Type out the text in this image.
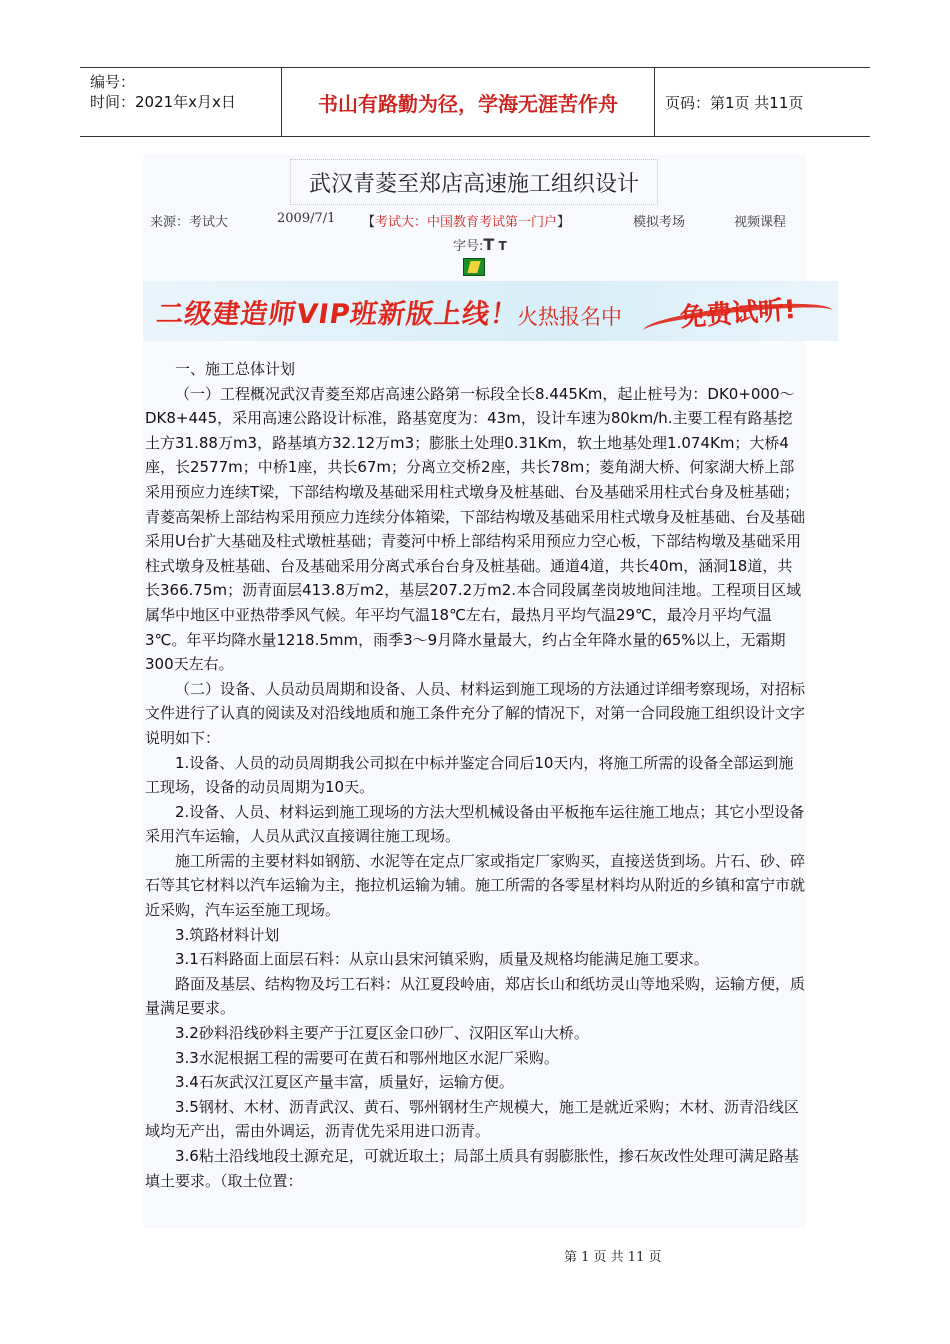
编号：
时间：2021年x月x日	书山有路勤为径，学海无涯苦作舟	页码：第1页 共11页
武汉青菱至郑店高速施工组织设计
来源：考试大	2009/7/1 【考试大：中国教育考试第一门户】	模拟考场	视频课程
字号:T T
二级建造师VIP班新版上线！
火热报名中	免费试听!

一、施工总体计划

（一）工程概况武汉青菱至郑店高速公路第一标段全长8.445Km，起止桩号为：DK0+000～DK8+445，采用高速公路设计标准，路基宽度为：43m，设计车速为80km/h.主要工程有路基挖土方31.88万m3，路基填方32.12万m3；膨胀土处理0.31Km，软土地基处理1.074Km；大桥4座，长2577m；中桥1座，共长67m；分离立交桥2座，共长78m；菱角湖大桥、何家湖大桥上部采用预应力连续T梁，下部结构墩及基础采用柱式墩身及桩基础、台及基础采用柱式台身及桩基础；青菱高架桥上部结构采用预应力连续分体箱梁，下部结构墩及基础采用柱式墩身及桩基础、台及基础采用U台扩大基础及柱式墩桩基础；青菱河中桥上部结构采用预应力空心板，下部结构墩及基础采用柱式墩身及桩基础、台及基础采用分离式承台台身及桩基础。通道4道，共长40m，涵洞18道，共长366.75m；沥青面层413.8万m2，基层207.2万m2.本合同段属垄岗坡地间洼地。工程项目区域属华中地区中亚热带季风气候。年平均气温18℃左右，最热月平均气温29℃，最冷月平均气温3℃。年平均降水量1218.5mm，雨季3～9月降水量最大，约占全年降水量的65%以上，无霜期300天左右。

（二）设备、人员动员周期和设备、人员、材料运到施工现场的方法通过详细考察现场，对招标文件进行了认真的阅读及对沿线地质和施工条件充分了解的情况下，对第一合同段施工组织设计文字说明如下：

1.设备、人员的动员周期我公司拟在中标并鉴定合同后10天内，将施工所需的设备全部运到施工现场，设备的动员周期为10天。

2.设备、人员、材料运到施工现场的方法大型机械设备由平板拖车运往施工地点；其它小型设备采用汽车运输，人员从武汉直接调往施工现场。

施工所需的主要材料如钢筋、水泥等在定点厂家或指定厂家购买，直接送货到场。片石、砂、碎石等其它材料以汽车运输为主，拖拉机运输为辅。施工所需的各零星材料均从附近的乡镇和富宁市就近采购，汽车运至施工现场。

3.筑路材料计划

3.1石料路面上面层石料：从京山县宋河镇采购，质量及规格均能满足施工要求。

路面及基层、结构物及圬工石料：从江夏段岭庙，郑店长山和纸坊灵山等地采购，运输方便，质量满足要求。

3.2砂料沿线砂料主要产于江夏区金口砂厂、汉阳区军山大桥。

3.3水泥根据工程的需要可在黄石和鄂州地区水泥厂采购。

3.4石灰武汉江夏区产量丰富，质量好，运输方便。

3.5钢材、木材、沥青武汉、黄石、鄂州钢材生产规模大，施工是就近采购；木材、沥青沿线区域均无产出，需由外调运，沥青优先采用进口沥青。

3.6粘土沿线地段土源充足，可就近取土；局部土质具有弱膨胀性，掺石灰改性处理可满足路基填土要求。（取土位置：

第 1 页 共 11 页
